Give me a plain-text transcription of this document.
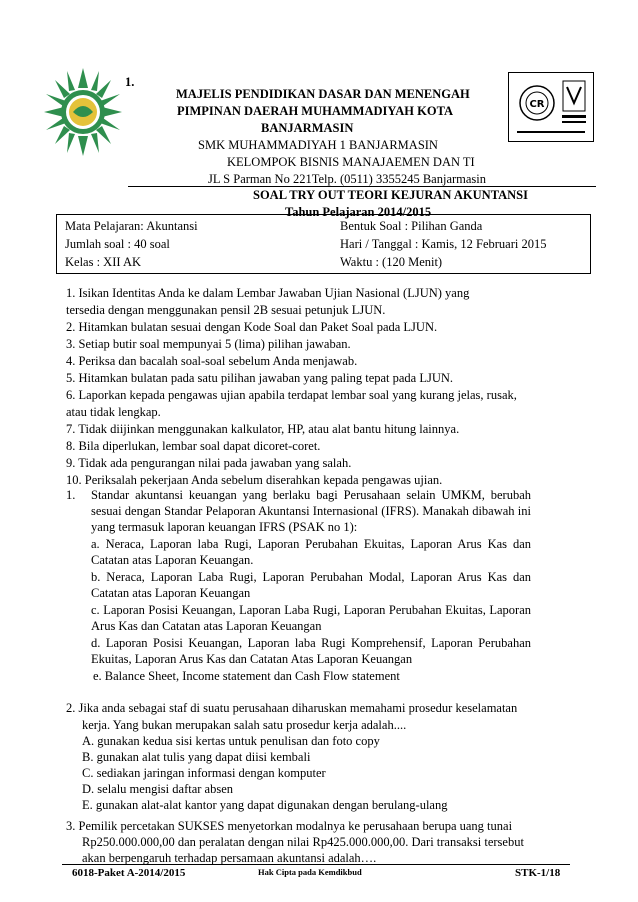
1.
MAJELIS PENDIDIKAN DASAR DAN MENENGAH
PIMPINAN DAERAH MUHAMMADIYAH KOTA
BANJARMASIN
SMK MUHAMMADIYAH 1 BANJARMASIN
KELOMPOK BISNIS MANAJAEMEN DAN TI
JL S Parman No 221Telp. (0511) 3355245 Banjarmasin
CR
SOAL TRY OUT TEORI KEJURAN AKUNTANSI
Tahun Pelajaran 2014/2015
Mata Pelajaran: Akuntansi
Jumlah soal : 40 soal
Kelas : XII AK
Bentuk Soal : Pilihan Ganda
Hari / Tanggal : Kamis, 12 Februari 2015
Waktu : (120 Menit)
1. Isikan Identitas Anda ke dalam Lembar Jawaban Ujian Nasional (LJUN) yang
tersedia dengan menggunakan pensil 2B sesuai petunjuk LJUN.
2. Hitamkan bulatan sesuai dengan Kode Soal dan Paket Soal pada LJUN.
3. Setiap butir soal mempunyai 5 (lima) pilihan jawaban.
4. Periksa dan bacalah soal-soal sebelum Anda menjawab.
5. Hitamkan bulatan pada satu pilihan jawaban yang paling tepat pada LJUN.
6. Laporkan kepada pengawas ujian apabila terdapat lembar soal yang kurang jelas, rusak,
atau tidak lengkap.
7. Tidak diijinkan menggunakan kalkulator, HP, atau alat bantu hitung lainnya.
8. Bila diperlukan, lembar soal dapat dicoret-coret.
9. Tidak ada pengurangan nilai pada jawaban yang salah.
10. Periksalah pekerjaan Anda sebelum diserahkan kepada pengawas ujian.
1. Standar akuntansi keuangan yang berlaku bagi Perusahaan selain UMKM, berubah sesuai dengan Standar Pelaporan Akuntansi Internasional (IFRS). Manakah dibawah ini yang termasuk laporan keuangan IFRS (PSAK no 1):
a. Neraca, Laporan laba Rugi, Laporan Perubahan Ekuitas, Laporan Arus Kas dan Catatan atas Laporan Keuangan.
b. Neraca, Laporan Laba Rugi, Laporan Perubahan Modal, Laporan Arus Kas dan Catatan atas Laporan Keuangan
c. Laporan Posisi Keuangan, Laporan Laba Rugi, Laporan Perubahan Ekuitas, Laporan Arus Kas dan Catatan atas Laporan Keuangan
d. Laporan Posisi Keuangan, Laporan laba Rugi Komprehensif, Laporan Perubahan Ekuitas, Laporan Arus Kas dan Catatan Atas Laporan Keuangan
e. Balance Sheet, Income statement dan Cash Flow statement
2. Jika anda sebagai staf di suatu perusahaan diharuskan memahami prosedur keselamatan
kerja. Yang bukan merupakan salah satu prosedur kerja adalah....
A. gunakan kedua sisi kertas untuk penulisan dan foto copy
B. gunakan alat tulis yang dapat diisi kembali
C. sediakan jaringan informasi dengan komputer
D. selalu mengisi daftar absen
E. gunakan alat-alat kantor yang dapat digunakan dengan berulang-ulang
3. Pemilik percetakan SUKSES menyetorkan modalnya ke perusahaan berupa uang tunai
Rp250.000.000,00 dan peralatan dengan nilai Rp425.000.000,00. Dari transaksi tersebut
akan berpengaruh terhadap persamaan akuntansi adalah….
6018-Paket A-2014/2015	Hak Cipta pada Kemdikbud	STK-1/18
